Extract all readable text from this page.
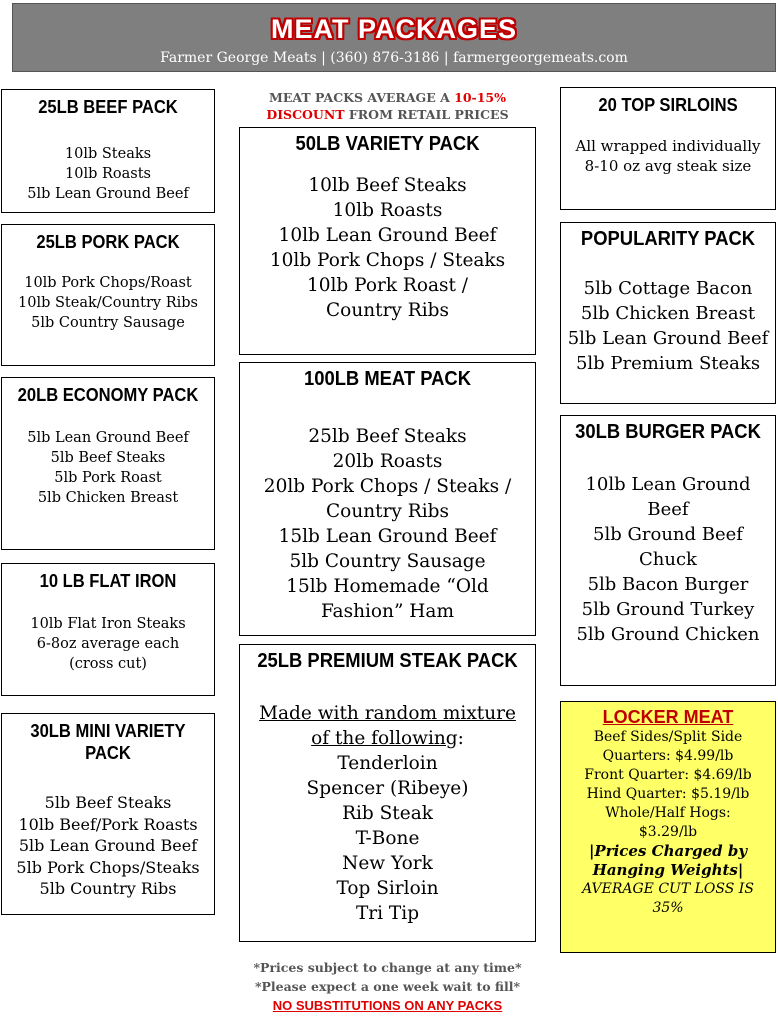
MEAT PACKAGES
Farmer George Meats | (360) 876-3186 | farmergeorgemeats.com
MEAT PACKS AVERAGE A 10-15%
DISCOUNT FROM RETAIL PRICES
25LB BEEF PACK
10lb Steaks
10lb Roasts
5lb Lean Ground Beef
25LB PORK PACK
10lb Pork Chops/Roast
10lb Steak/Country Ribs
5lb Country Sausage
20LB ECONOMY PACK
5lb Lean Ground Beef
5lb Beef Steaks
5lb Pork Roast
5lb Chicken Breast
10 LB FLAT IRON
10lb Flat Iron Steaks
6-8oz average each
(cross cut)
30LB MINI VARIETY PACK
5lb Beef Steaks
10lb Beef/Pork Roasts
5lb Lean Ground Beef
5lb Pork Chops/Steaks
5lb Country Ribs
50LB VARIETY PACK
10lb Beef Steaks
10lb Roasts
10lb Lean Ground Beef
10lb Pork Chops / Steaks
10lb Pork Roast /
Country Ribs
100LB MEAT PACK
25lb Beef Steaks
20lb Roasts
20lb Pork Chops / Steaks /
Country Ribs
15lb Lean Ground Beef
5lb Country Sausage
15lb Homemade “Old
Fashion” Ham
25LB PREMIUM STEAK PACK
Made with random mixture
of the following:
Tenderloin
Spencer (Ribeye)
Rib Steak
T-Bone
New York
Top Sirloin
Tri Tip
20 TOP SIRLOINS
All wrapped individually
8-10 oz avg steak size
POPULARITY PACK
5lb Cottage Bacon
5lb Chicken Breast
5lb Lean Ground Beef
5lb Premium Steaks
30LB BURGER PACK
10lb Lean Ground
Beef
5lb Ground Beef
Chuck
5lb Bacon Burger
5lb Ground Turkey
5lb Ground Chicken
LOCKER MEAT
Beef Sides/Split Side
Quarters: $4.99/lb
Front Quarter: $4.69/lb
Hind Quarter: $5.19/lb
Whole/Half Hogs:
$3.29/lb
|Prices Charged by
Hanging Weights|
AVERAGE CUT LOSS IS
35%
*Prices subject to change at any time*
*Please expect a one week wait to fill*
NO SUBSTITUTIONS ON ANY PACKS
